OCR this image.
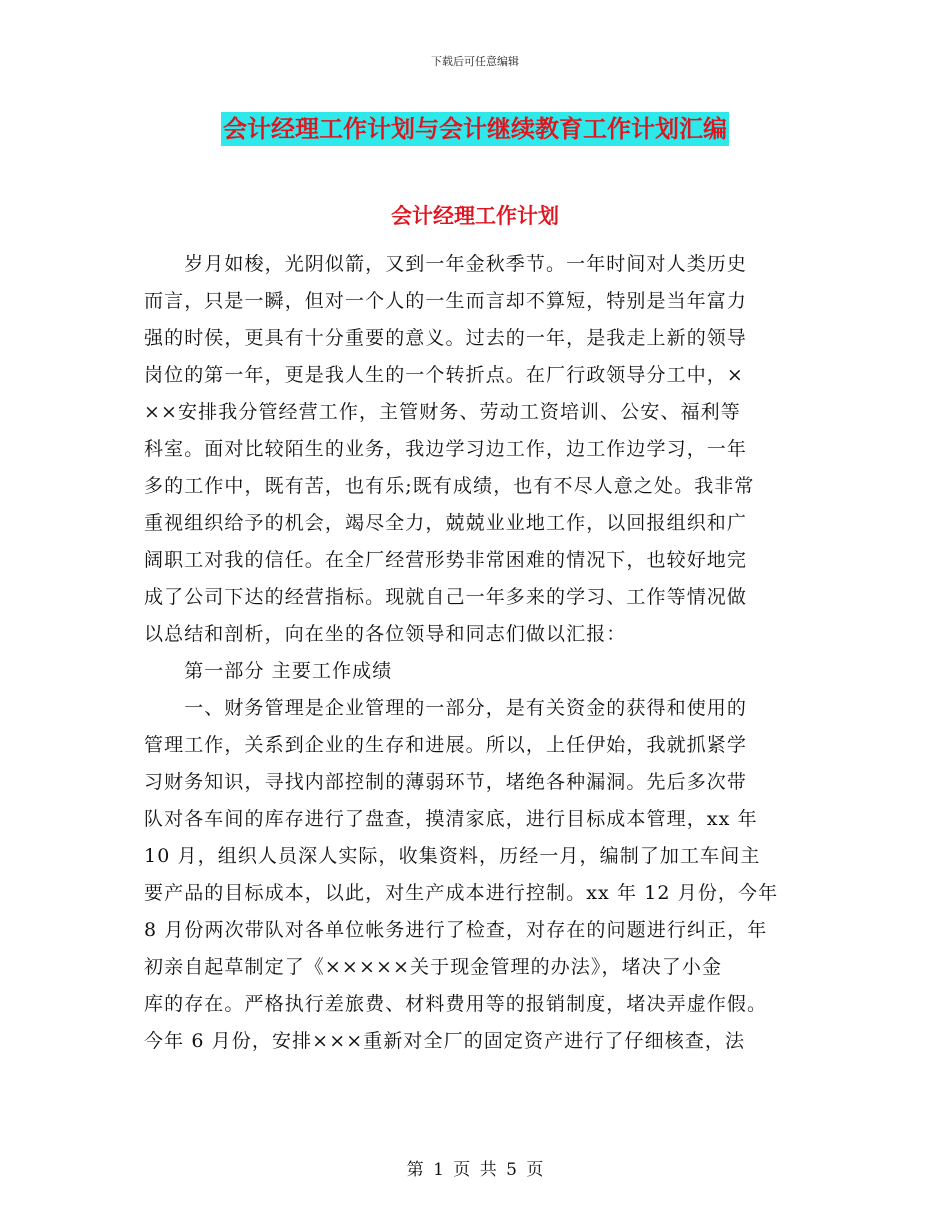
下载后可任意编辑
会计经理工作计划与会计继续教育工作计划汇编
会计经理工作计划
　　岁月如梭，光阴似箭，又到一年金秋季节。一年时间对人类历史
而言，只是一瞬，但对一个人的一生而言却不算短，特别是当年富力
强的时侯，更具有十分重要的意义。过去的一年，是我走上新的领导
岗位的第一年，更是我人生的一个转折点。在厂行政领导分工中，×
××安排我分管经营工作，主管财务、劳动工资培训、公安、福利等
科室。面对比较陌生的业务，我边学习边工作，边工作边学习，一年
多的工作中，既有苦，也有乐;既有成绩，也有不尽人意之处。我非常
重视组织给予的机会，竭尽全力，兢兢业业地工作，以回报组织和广
阔职工对我的信任。在全厂经营形势非常困难的情况下，也较好地完
成了公司下达的经营指标。现就自己一年多来的学习、工作等情况做
以总结和剖析，向在坐的各位领导和同志们做以汇报：
　　第一部分 主要工作成绩
　　一、财务管理是企业管理的一部分，是有关资金的获得和使用的
管理工作，关系到企业的生存和进展。所以，上任伊始，我就抓紧学
习财务知识，寻找内部控制的薄弱环节，堵绝各种漏洞。先后多次带
队对各车间的库存进行了盘查，摸清家底，进行目标成本管理，xx 年
10 月，组织人员深人实际，收集资料，历经一月，编制了加工车间主
要产品的目标成本，以此，对生产成本进行控制。xx 年 12 月份，今年
8 月份两次带队对各单位帐务进行了检查，对存在的问题进行纠正，年
初亲自起草制定了《×××××关于现金管理的办法》，堵决了小金
库的存在。严格执行差旅费、材料费用等的报销制度，堵决弄虚作假。
今年 6 月份，安排×××重新对全厂的固定资产进行了仔细核查，法
第 1 页 共 5 页
